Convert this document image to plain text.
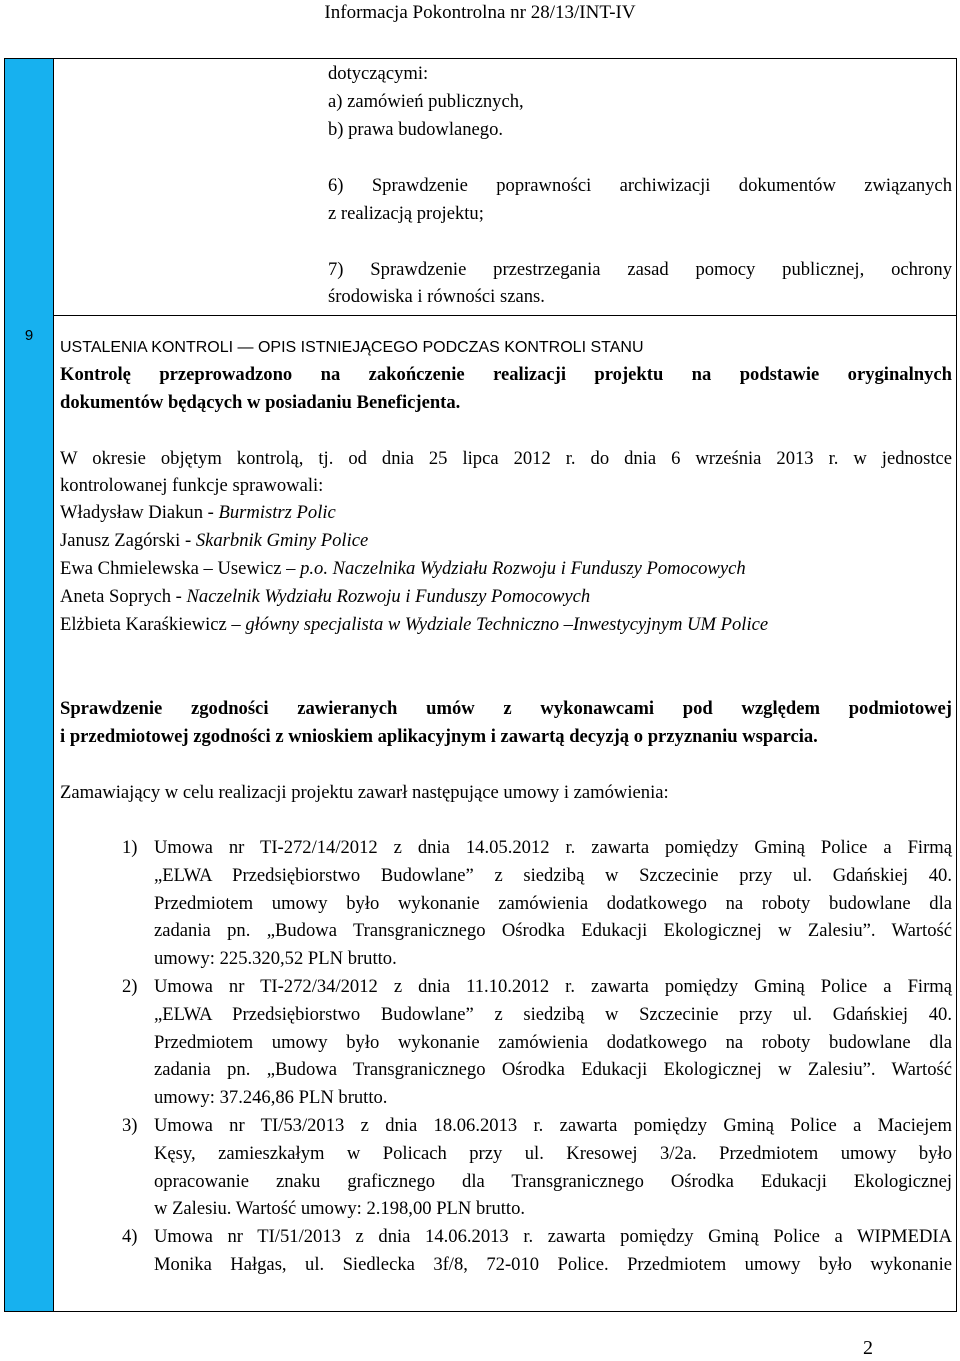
Informacja Pokontrolna nr 28/13/INT-IV
9
dotyczącymi:
a) zamówień publicznych,
b) prawa budowlanego.
6) Sprawdzenie poprawności archiwizacji dokumentów związanych
z realizacją projektu;
7) Sprawdzenie przestrzegania zasad pomocy publicznej, ochrony
środowiska i równości szans.
USTALENIA KONTROLI — OPIS ISTNIEJĄCEGO PODCZAS KONTROLI STANU
Kontrolę przeprowadzono na zakończenie realizacji projektu na podstawie oryginalnych
dokumentów będących w posiadaniu Beneficjenta.
W okresie objętym kontrolą, tj. od dnia 25 lipca 2012 r. do dnia 6 września 2013 r. w jednostce
kontrolowanej funkcje sprawowali:
Władysław Diakun - Burmistrz Polic
Janusz Zagórski - Skarbnik Gminy Police
Ewa Chmielewska – Usewicz – p.o. Naczelnika Wydziału Rozwoju i Funduszy Pomocowych
Aneta Soprych - Naczelnik Wydziału Rozwoju i Funduszy Pomocowych
Elżbieta Karaśkiewicz – główny specjalista w Wydziale Techniczno –Inwestycyjnym UM Police
Sprawdzenie zgodności zawieranych umów z wykonawcami pod względem podmiotowej
i przedmiotowej zgodności z wnioskiem aplikacyjnym i zawartą decyzją o przyznaniu wsparcia.
Zamawiający w celu realizacji projektu zawarł następujące umowy i zamówienia:
1) Umowa nr TI-272/14/2012 z dnia 14.05.2012 r. zawarta pomiędzy Gminą Police a Firmą
„ELWA Przedsiębiorstwo Budowlane” z siedzibą w Szczecinie przy ul. Gdańskiej 40.
Przedmiotem umowy było wykonanie zamówienia dodatkowego na roboty budowlane dla
zadania pn. „Budowa Transgranicznego Ośrodka Edukacji Ekologicznej w Zalesiu”. Wartość
umowy: 225.320,52 PLN brutto.
2) Umowa nr TI-272/34/2012 z dnia 11.10.2012 r. zawarta pomiędzy Gminą Police a Firmą
„ELWA Przedsiębiorstwo Budowlane” z siedzibą w Szczecinie przy ul. Gdańskiej 40.
Przedmiotem umowy było wykonanie zamówienia dodatkowego na roboty budowlane dla
zadania pn. „Budowa Transgranicznego Ośrodka Edukacji Ekologicznej w Zalesiu”. Wartość
umowy: 37.246,86 PLN brutto.
3) Umowa nr TI/53/2013 z dnia 18.06.2013 r. zawarta pomiędzy Gminą Police a Maciejem
Kęsy, zamieszkałym w Policach przy ul. Kresowej 3/2a. Przedmiotem umowy było
opracowanie znaku graficznego dla Transgranicznego Ośrodka Edukacji Ekologicznej
w Zalesiu. Wartość umowy: 2.198,00 PLN brutto.
4) Umowa nr TI/51/2013 z dnia 14.06.2013 r. zawarta pomiędzy Gminą Police a WIPMEDIA
Monika Hałgas, ul. Siedlecka 3f/8, 72-010 Police. Przedmiotem umowy było wykonanie
2
